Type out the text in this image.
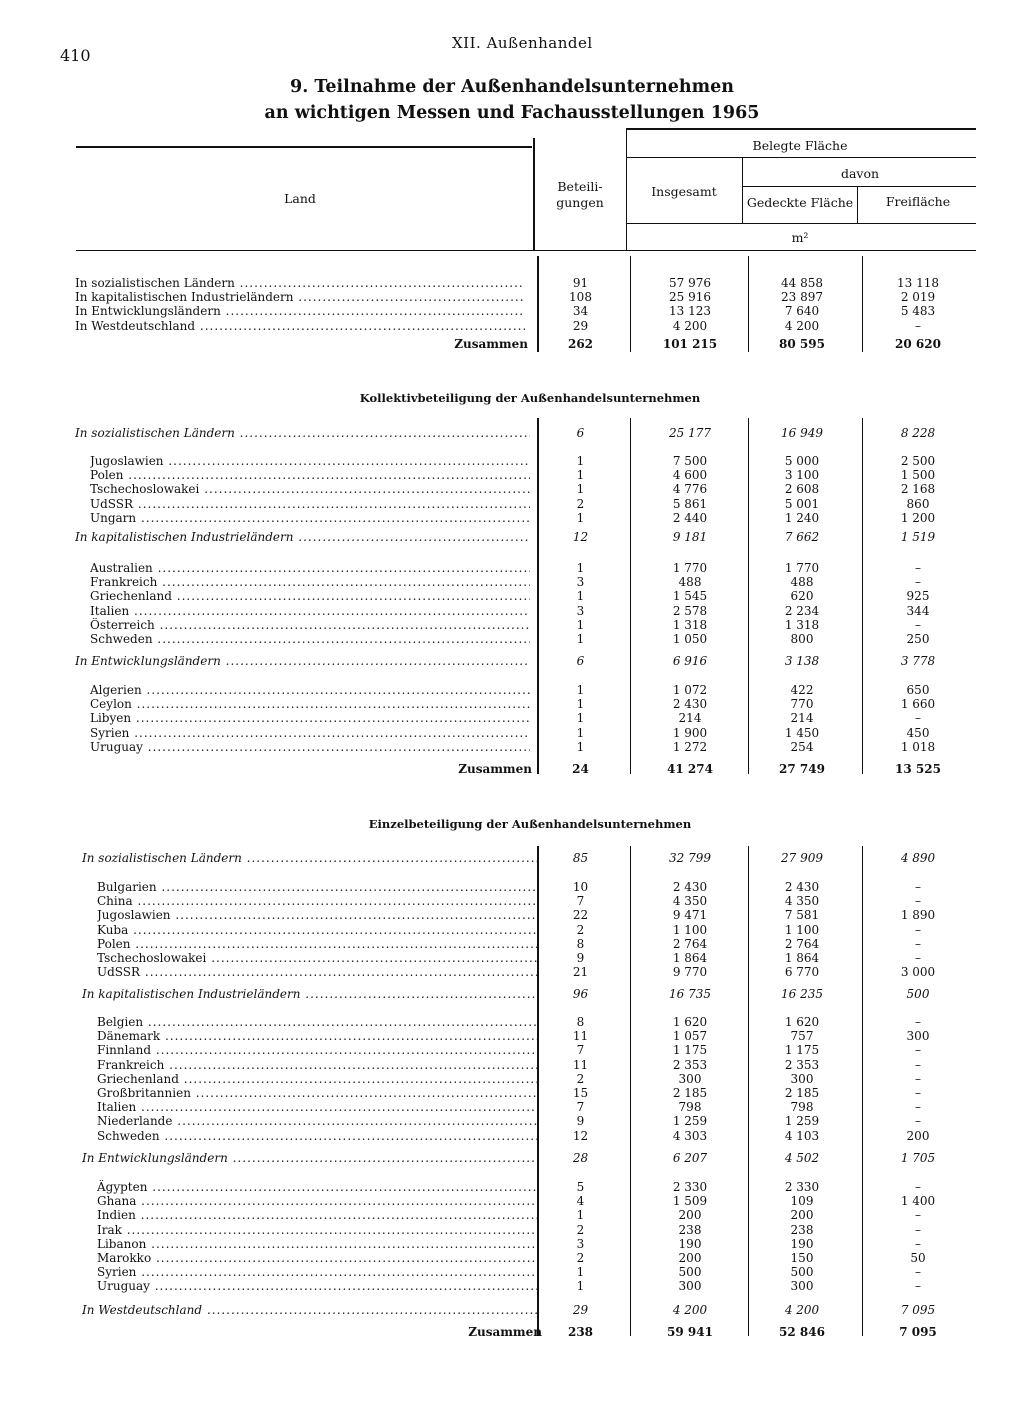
410
XII. Außenhandel
9. Teilnahme der Außenhandelsunternehmen
an wichtigen Messen und Fachausstellungen 1965
Land
Beteili-
gungen
Belegte Fläche
Insgesamt
davon
Gedeckte Fläche	Freifläche
m²
In sozialistischen Ländern .....	91	57 976	44 858	13 118
In kapitalistischen Industrieländern .....	108	25 916	23 897	2 019
In Entwicklungsländern .....	34	13 123	7 640	5 483
In Westdeutschland .....	29	4 200	4 200	–
Zusammen	262	101 215	80 595	20 620
Kollektivbeteiligung der Außenhandelsunternehmen
In sozialistischen Ländern .....	6	25 177	16 949	8 228
Jugoslawien .....	1	7 500	5 000	2 500
Polen .....	1	4 600	3 100	1 500
Tschechoslowakei .....	1	4 776	2 608	2 168
UdSSR .....	2	5 861	5 001	860
Ungarn .....	1	2 440	1 240	1 200
In kapitalistischen Industrieländern .....	12	9 181	7 662	1 519
Australien .....	1	1 770	1 770	–
Frankreich .....	3	488	488	–
Griechenland .....	1	1 545	620	925
Italien .....	3	2 578	2 234	344
Österreich .....	1	1 318	1 318	–
Schweden .....	1	1 050	800	250
In Entwicklungsländern .....	6	6 916	3 138	3 778
Algerien .....	1	1 072	422	650
Ceylon .....	1	2 430	770	1 660
Libyen .....	1	214	214	–
Syrien .....	1	1 900	1 450	450
Uruguay .....	1	1 272	254	1 018
Zusammen	24	41 274	27 749	13 525
Einzelbeteiligung der Außenhandelsunternehmen
In sozialistischen Ländern .....	85	32 799	27 909	4 890
Bulgarien .....	10	2 430	2 430	–
China .....	7	4 350	4 350	–
Jugoslawien .....	22	9 471	7 581	1 890
Kuba .....	2	1 100	1 100	–
Polen .....	8	2 764	2 764	–
Tschechoslowakei .....	9	1 864	1 864	–
UdSSR .....	21	9 770	6 770	3 000
In kapitalistischen Industrieländern .....	96	16 735	16 235	500
Belgien .....	8	1 620	1 620	–
Dänemark .....	11	1 057	757	300
Finnland .....	7	1 175	1 175	–
Frankreich .....	11	2 353	2 353	–
Griechenland .....	2	300	300	–
Großbritannien .....	15	2 185	2 185	–
Italien .....	7	798	798	–
Niederlande .....	9	1 259	1 259	–
Schweden .....	12	4 303	4 103	200
In Entwicklungsländern .....	28	6 207	4 502	1 705
Ägypten .....	5	2 330	2 330	–
Ghana .....	4	1 509	109	1 400
Indien .....	1	200	200	–
Irak .....	2	238	238	–
Libanon .....	3	190	190	–
Marokko .....	2	200	150	50
Syrien .....	1	500	500	–
Uruguay .....	1	300	300	–
In Westdeutschland .....	29	4 200	4 200	7 095
Zusammen	238	59 941	52 846	7 095
